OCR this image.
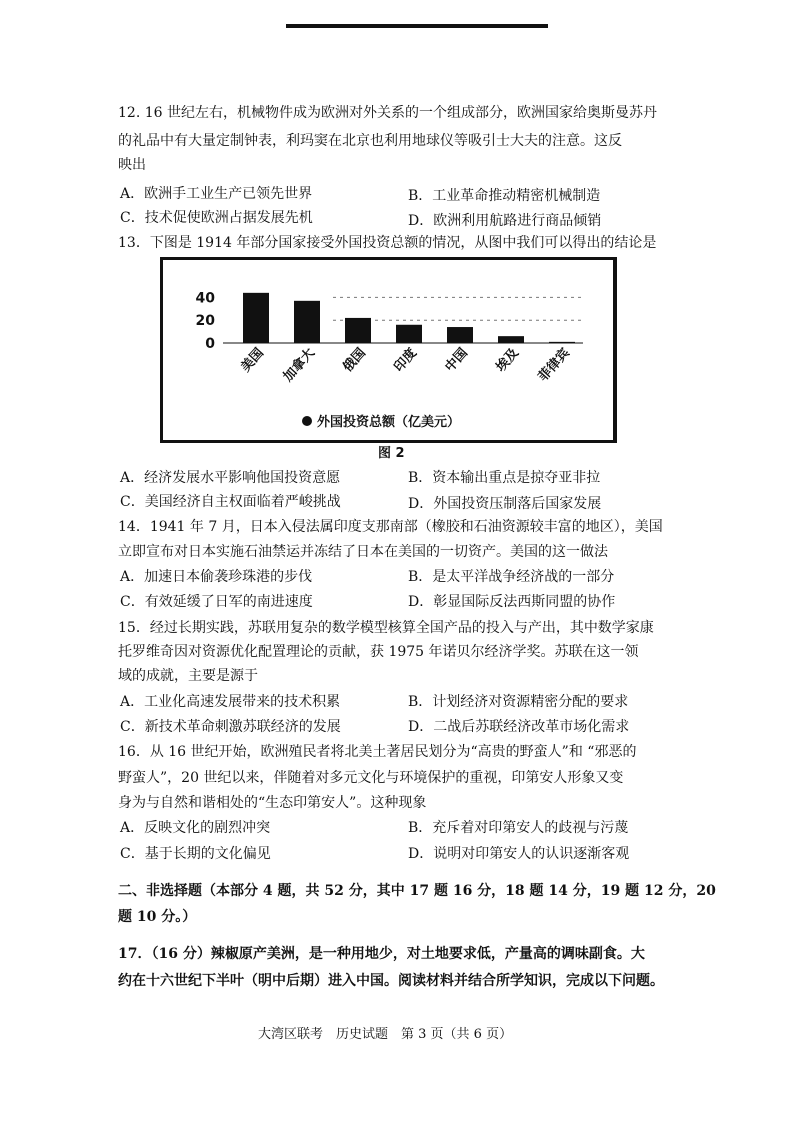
12. 16 世纪左右，机械物件成为欧洲对外关系的一个组成部分，欧洲国家给奥斯曼苏丹
的礼品中有大量定制钟表，利玛窦在北京也利用地球仪等吸引士大夫的注意。这反
映出
A．欧洲手工业生产已领先世界	B．工业革命推动精密机械制造
C．技术促使欧洲占据发展先机	D．欧洲利用航路进行商品倾销
13．下图是 1914 年部分国家接受外国投资总额的情况，从图中我们可以得出的结论是
40
20
0
美国 加拿大 俄国 印度 中国 埃及 菲律宾
外国投资总额（亿美元）
图 2
A．经济发展水平影响他国投资意愿	B．资本输出重点是掠夺亚非拉
C．美国经济自主权面临着严峻挑战	D．外国投资压制落后国家发展
14．1941 年 7 月，日本入侵法属印度支那南部（橡胶和石油资源较丰富的地区），美国
立即宣布对日本实施石油禁运并冻结了日本在美国的一切资产。美国的这一做法
A．加速日本偷袭珍珠港的步伐	B．是太平洋战争经济战的一部分
C．有效延缓了日军的南进速度	D．彰显国际反法西斯同盟的协作
15．经过长期实践，苏联用复杂的数学模型核算全国产品的投入与产出，其中数学家康
托罗维奇因对资源优化配置理论的贡献，获 1975 年诺贝尔经济学奖。苏联在这一领
域的成就，主要是源于
A．工业化高速发展带来的技术积累	B．计划经济对资源精密分配的要求
C．新技术革命刺激苏联经济的发展	D．二战后苏联经济改革市场化需求
16．从 16 世纪开始，欧洲殖民者将北美土著居民划分为“高贵的野蛮人”和 “邪恶的
野蛮人”，20 世纪以来，伴随着对多元文化与环境保护的重视，印第安人形象又变
身为与自然和谐相处的“生态印第安人”。这种现象
A．反映文化的剧烈冲突	B．充斥着对印第安人的歧视与污蔑
C．基于长期的文化偏见	D．说明对印第安人的认识逐渐客观
二、非选择题（本部分 4 题，共 52 分，其中 17 题 16 分，18 题 14 分，19 题 12 分，20
题 10 分。）
17．（16 分）辣椒原产美洲，是一种用地少，对土地要求低，产量高的调味副食。大
约在十六世纪下半叶（明中后期）进入中国。阅读材料并结合所学知识，完成以下问题。
大湾区联考　历史试题　第 3 页（共 6 页）
